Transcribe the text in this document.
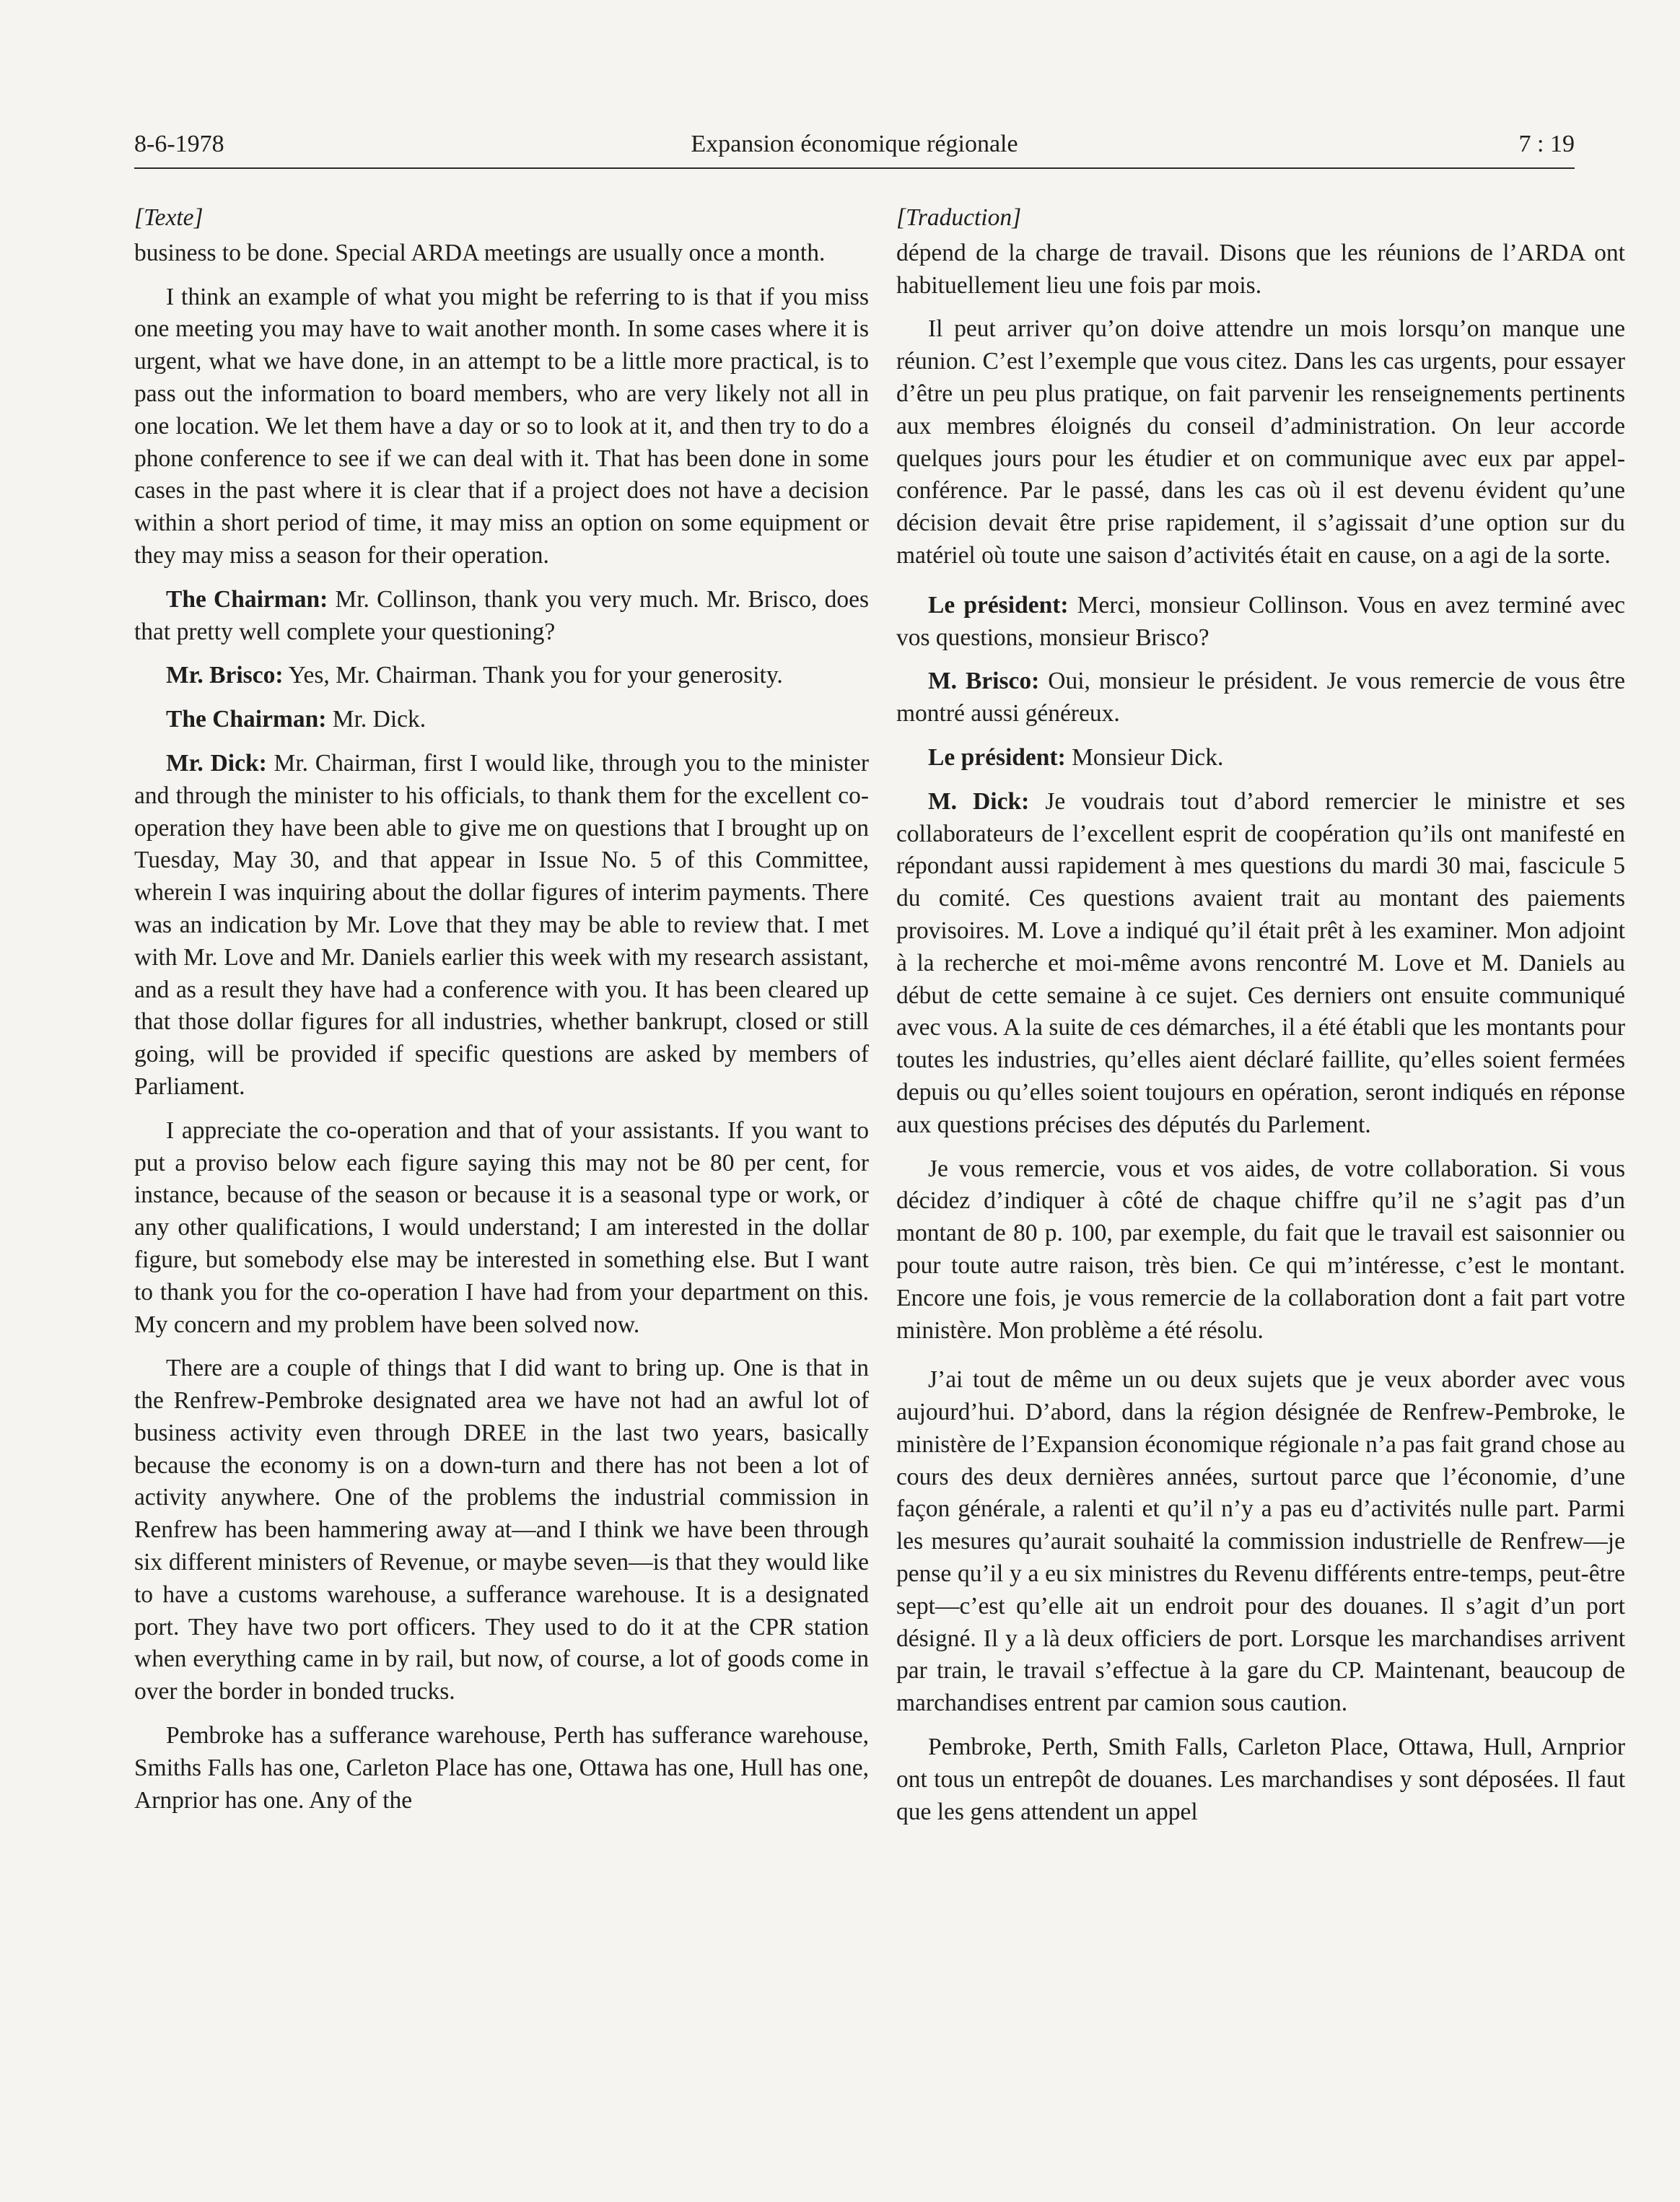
8-6-1978	Expansion économique régionale	7 : 19
[Texte]

business to be done. Special ARDA meetings are usually once a month.

I think an example of what you might be referring to is that if you miss one meeting you may have to wait another month. In some cases where it is urgent, what we have done, in an attempt to be a little more practical, is to pass out the information to board members, who are very likely not all in one location. We let them have a day or so to look at it, and then try to do a phone conference to see if we can deal with it. That has been done in some cases in the past where it is clear that if a project does not have a decision within a short period of time, it may miss an option on some equipment or they may miss a season for their operation.

The Chairman: Mr. Collinson, thank you very much. Mr. Brisco, does that pretty well complete your questioning?

Mr. Brisco: Yes, Mr. Chairman. Thank you for your generosity.

The Chairman: Mr. Dick.

Mr. Dick: Mr. Chairman, first I would like, through you to the minister and through the minister to his officials, to thank them for the excellent co-operation they have been able to give me on questions that I brought up on Tuesday, May 30, and that appear in Issue No. 5 of this Committee, wherein I was inquiring about the dollar figures of interim payments. There was an indication by Mr. Love that they may be able to review that. I met with Mr. Love and Mr. Daniels earlier this week with my research assistant, and as a result they have had a conference with you. It has been cleared up that those dollar figures for all industries, whether bankrupt, closed or still going, will be provided if specific questions are asked by members of Parliament.

I appreciate the co-operation and that of your assistants. If you want to put a proviso below each figure saying this may not be 80 per cent, for instance, because of the season or because it is a seasonal type or work, or any other qualifications, I would understand; I am interested in the dollar figure, but somebody else may be interested in something else. But I want to thank you for the co-operation I have had from your department on this. My concern and my problem have been solved now.

There are a couple of things that I did want to bring up. One is that in the Renfrew-Pembroke designated area we have not had an awful lot of business activity even through DREE in the last two years, basically because the economy is on a down-turn and there has not been a lot of activity anywhere. One of the problems the industrial commission in Renfrew has been hammering away at—and I think we have been through six different ministers of Revenue, or maybe seven—is that they would like to have a customs warehouse, a sufferance warehouse. It is a designated port. They have two port officers. They used to do it at the CPR station when everything came in by rail, but now, of course, a lot of goods come in over the border in bonded trucks.

Pembroke has a sufferance warehouse, Perth has sufferance warehouse, Smiths Falls has one, Carleton Place has one, Ottawa has one, Hull has one, Arnprior has one. Any of the

[Traduction]

dépend de la charge de travail. Disons que les réunions de l’ARDA ont habituellement lieu une fois par mois.

Il peut arriver qu’on doive attendre un mois lorsqu’on manque une réunion. C’est l’exemple que vous citez. Dans les cas urgents, pour essayer d’être un peu plus pratique, on fait parvenir les renseignements pertinents aux membres éloignés du conseil d’administration. On leur accorde quelques jours pour les étudier et on communique avec eux par appel-conférence. Par le passé, dans les cas où il est devenu évident qu’une décision devait être prise rapidement, il s’agissait d’une option sur du matériel où toute une saison d’activités était en cause, on a agi de la sorte.

Le président: Merci, monsieur Collinson. Vous en avez terminé avec vos questions, monsieur Brisco?

M. Brisco: Oui, monsieur le président. Je vous remercie de vous être montré aussi généreux.

Le président: Monsieur Dick.

M. Dick: Je voudrais tout d’abord remercier le ministre et ses collaborateurs de l’excellent esprit de coopération qu’ils ont manifesté en répondant aussi rapidement à mes questions du mardi 30 mai, fascicule 5 du comité. Ces questions avaient trait au montant des paiements provisoires. M. Love a indiqué qu’il était prêt à les examiner. Mon adjoint à la recherche et moi-même avons rencontré M. Love et M. Daniels au début de cette semaine à ce sujet. Ces derniers ont ensuite communiqué avec vous. A la suite de ces démarches, il a été établi que les montants pour toutes les industries, qu’elles aient déclaré faillite, qu’elles soient fermées depuis ou qu’elles soient toujours en opération, seront indiqués en réponse aux questions précises des députés du Parlement.

Je vous remercie, vous et vos aides, de votre collaboration. Si vous décidez d’indiquer à côté de chaque chiffre qu’il ne s’agit pas d’un montant de 80 p. 100, par exemple, du fait que le travail est saisonnier ou pour toute autre raison, très bien. Ce qui m’intéresse, c’est le montant. Encore une fois, je vous remercie de la collaboration dont a fait part votre ministère. Mon problème a été résolu.

J’ai tout de même un ou deux sujets que je veux aborder avec vous aujourd’hui. D’abord, dans la région désignée de Renfrew-Pembroke, le ministère de l’Expansion économique régionale n’a pas fait grand chose au cours des deux dernières années, surtout parce que l’économie, d’une façon générale, a ralenti et qu’il n’y a pas eu d’activités nulle part. Parmi les mesures qu’aurait souhaité la commission industrielle de Renfrew—je pense qu’il y a eu six ministres du Revenu différents entre-temps, peut-être sept—c’est qu’elle ait un endroit pour des douanes. Il s’agit d’un port désigné. Il y a là deux officiers de port. Lorsque les marchandises arrivent par train, le travail s’effectue à la gare du CP. Maintenant, beaucoup de marchandises entrent par camion sous caution.

Pembroke, Perth, Smith Falls, Carleton Place, Ottawa, Hull, Arnprior ont tous un entrepôt de douanes. Les marchandises y sont déposées. Il faut que les gens attendent un appel
